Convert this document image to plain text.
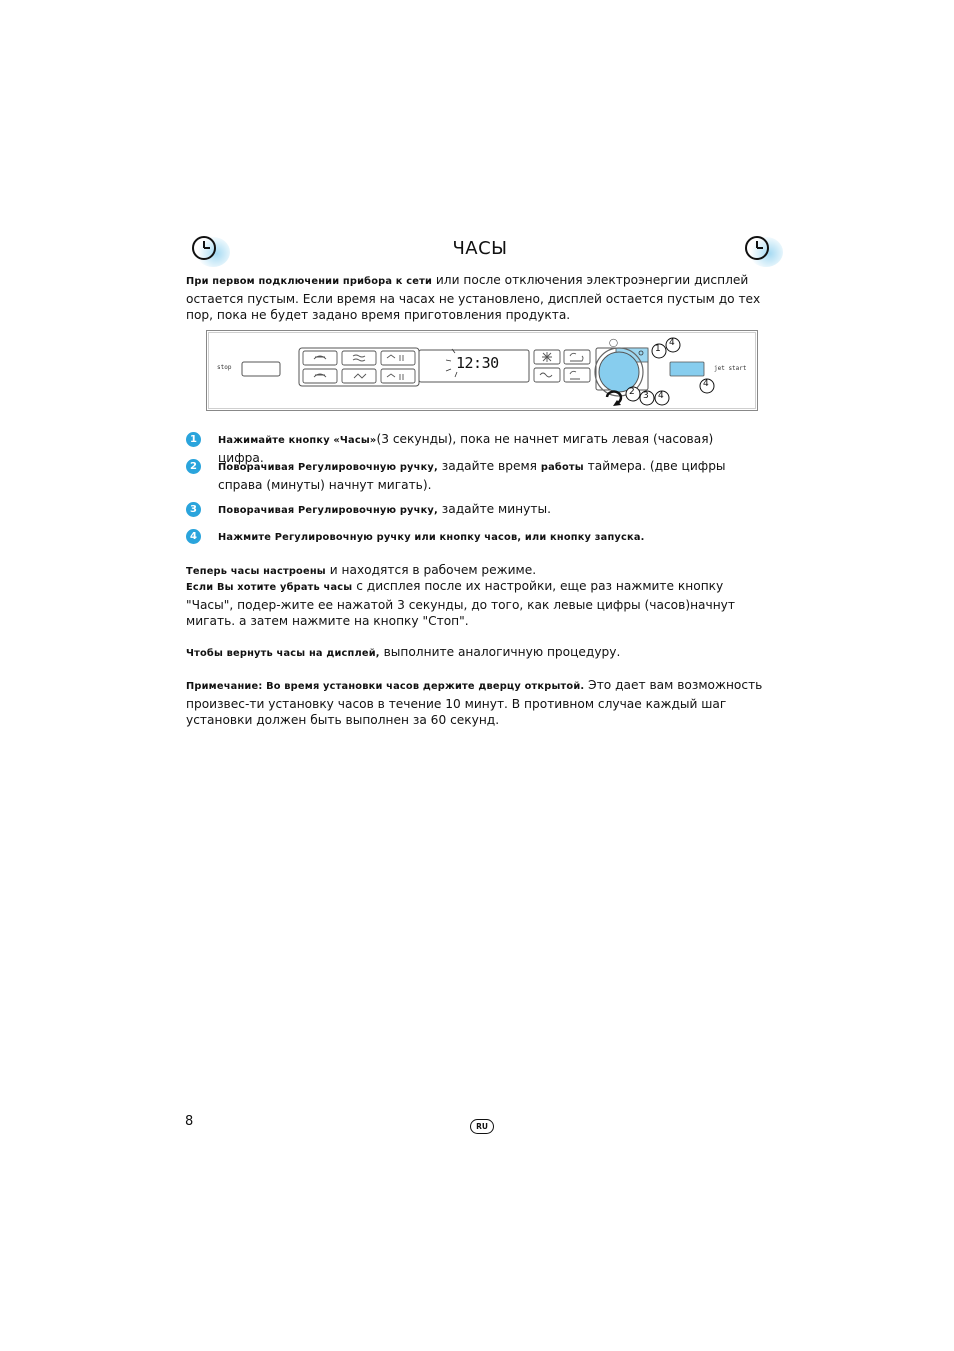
ЧАСЫ
При первом подключении прибора к сети или после отключения электроэнергии дисплей остается пустым. Если время на часах не установлено, дисплей остается пустым до тех пор, пока не будет задано время приготовления продукта.
◯
stop	12:30	jet start
1
4
4
2 3 4
1	Нажимайте кнопку «Часы»(3 секунды), пока не начнет мигать левая (часовая) цифра.
2	Поворачивая Регулировочную ручку, задайте время работы таймера. (две цифры справа (минуты) начнут мигать).
3	Поворачивая Регулировочную ручку, задайте минуты.
4	Нажмите Регулировочную ручку или кнопку часов, или кнопку запуска.
Теперь часы настроены и находятся в рабочем режиме.
Если Вы хотите убрать часы с дисплея после их настройки, еще раз нажмите кнопку "Часы", подер-жите ее нажатой 3 секунды, до того, как левые цифры (часов)начнут мигать. а затем нажмите на кнопку "Стоп".
Чтобы вернуть часы на дисплей, выполните аналогичную процедуру.
Примечание: Во время установки часов держите дверцу открытой. Это дает вам возможность произвес-ти установку часов в течение 10 минут. В противном случае каждый шаг установки должен быть выполнен за 60 секунд.
8	RU
